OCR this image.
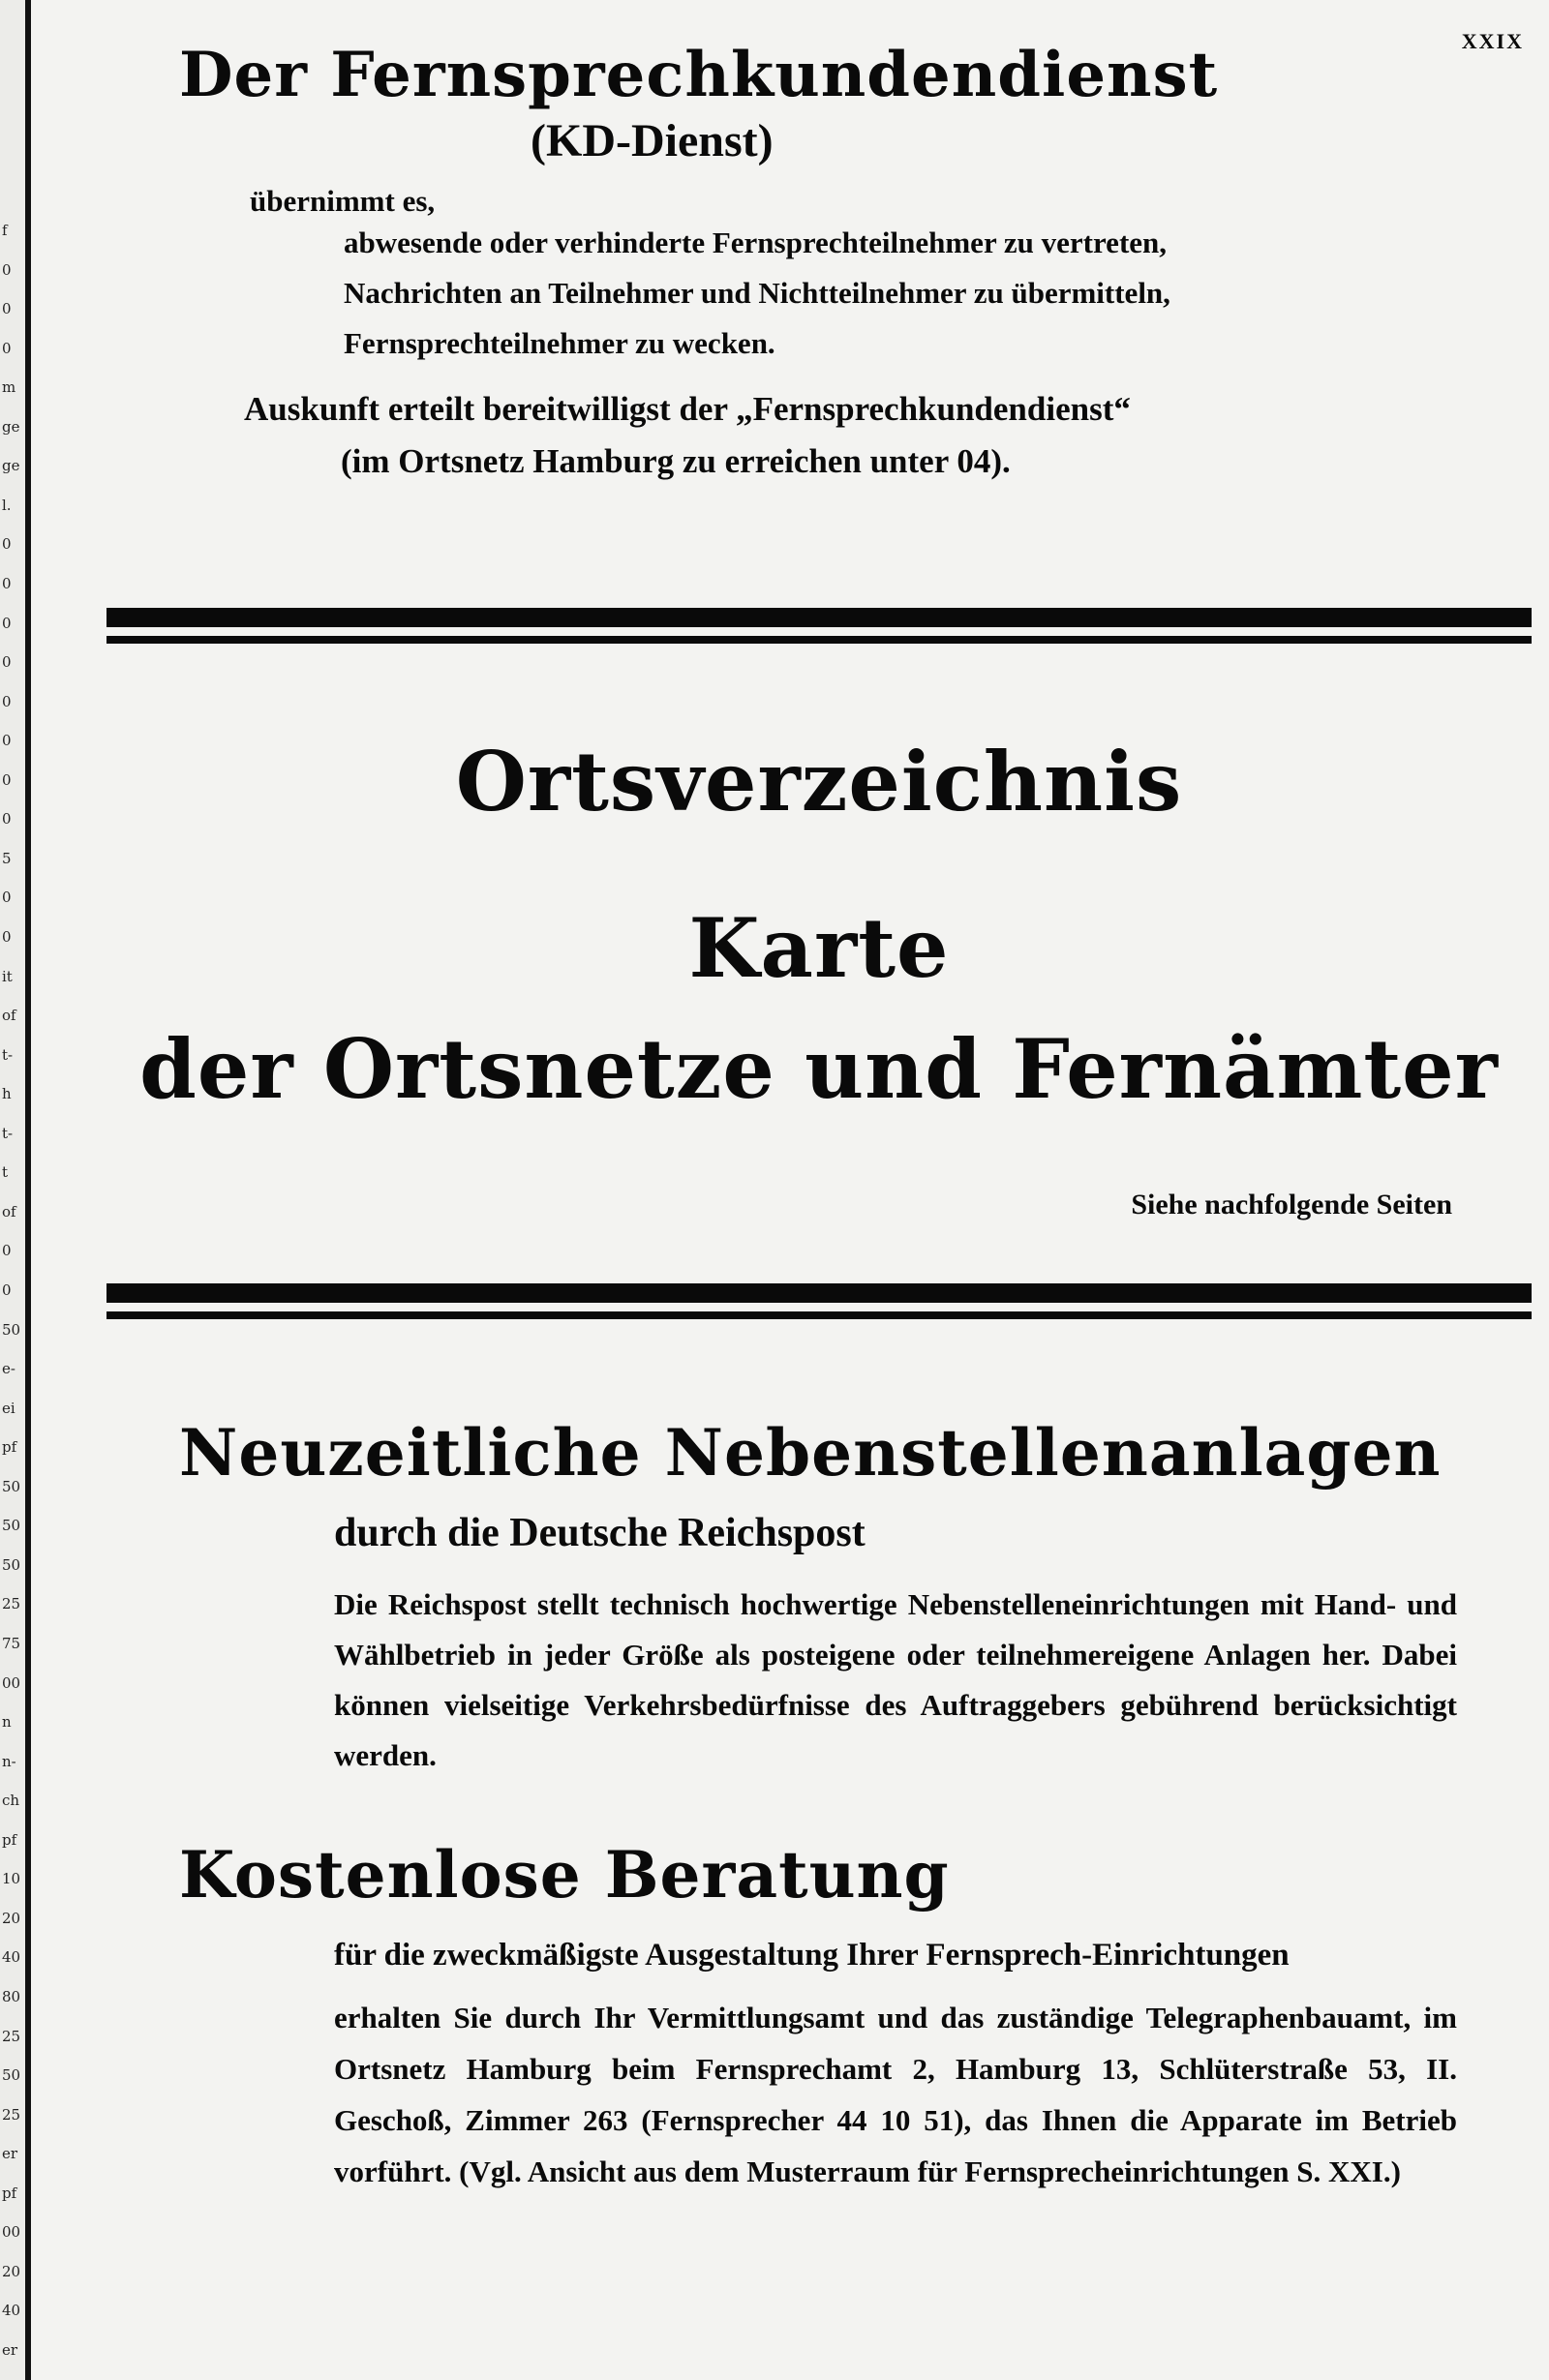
f
0
0
0
m
ge
ge
l.
0
0
0
0
0
0
0
0
5
0
0
it
of
t-
h
t-
t
of
0
0
50
e-
ei
pf
50
50
50
25
75
00
n
n-
ch
pf
10
20
40
80
25
50
25
er
pf
00
20
40
er
XXIX
Der Fernsprechkundendienst
(KD-Dienst)

übernimmt es,

abwesende oder verhinderte Fernsprechteilnehmer zu vertreten,
Nachrichten an Teilnehmer und Nichtteilnehmer zu übermitteln,
Fernsprechteilnehmer zu wecken.

Auskunft erteilt bereitwilligst der „Fernsprechkundendienst“

(im Ortsnetz Hamburg zu erreichen unter 04).

Ortsverzeichnis
Karte
der Ortsnetze und Fernämter

Siehe nachfolgende Seiten

Neuzeitliche Nebenstellenanlagen
durch die Deutsche Reichspost

Die Reichspost stellt technisch hochwertige Nebenstelleneinrichtungen mit Hand- und Wählbetrieb in jeder Größe als posteigene oder teilnehmereigene Anlagen her. Dabei können vielseitige Verkehrsbedürfnisse des Auftraggebers gebührend berücksichtigt werden.

Kostenlose Beratung

für die zweckmäßigste Ausgestaltung Ihrer Fernsprech-Einrichtungen

erhalten Sie durch Ihr Vermittlungsamt und das zuständige Telegraphenbauamt, im Ortsnetz Hamburg beim Fernsprechamt 2, Hamburg 13, Schlüterstraße 53, II. Geschoß, Zimmer 263 (Fernsprecher 44 10 51), das Ihnen die Apparate im Betrieb vorführt. (Vgl. Ansicht aus dem Musterraum für Fernsprecheinrichtungen S. XXI.)
